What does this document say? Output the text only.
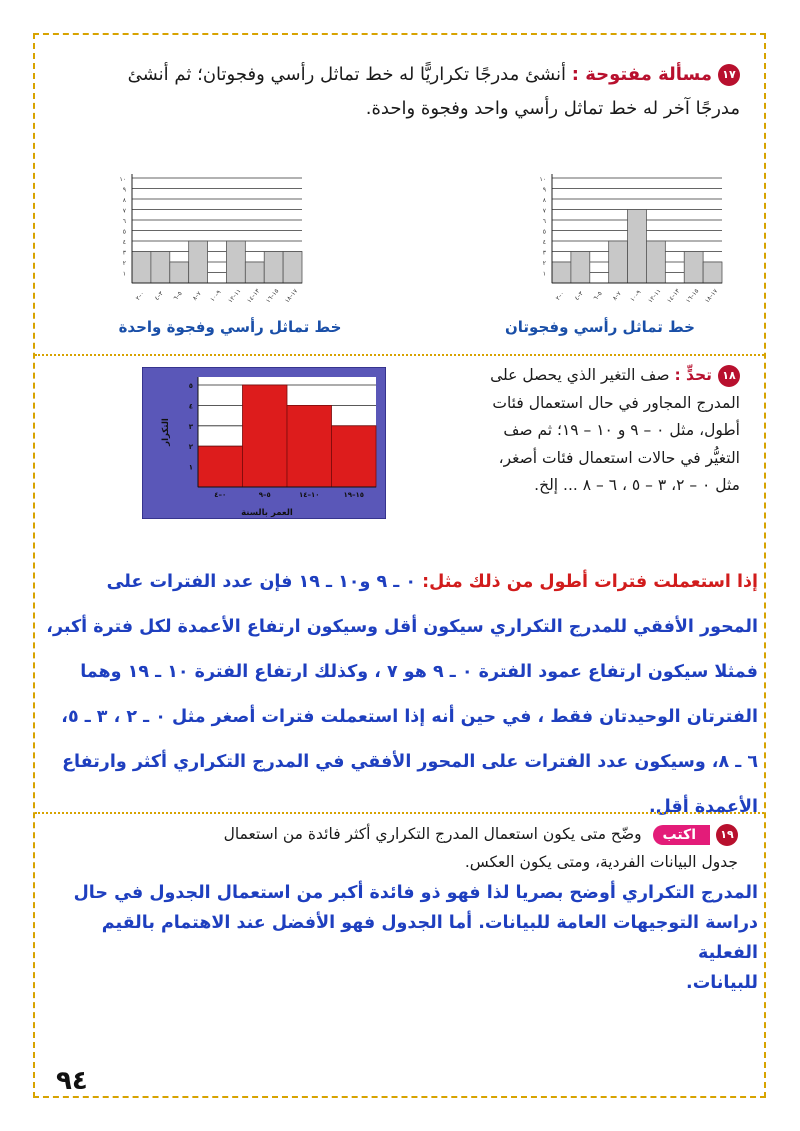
١٧مسألة مفتوحة : أنشئ مدرجًا تكراريًّا له خط تماثل رأسي وفجوتان؛ ثم أنشئ
مدرجًا آخر له خط تماثل رأسي واحد وفجوة واحدة.
١
٢
٣
٤
٥
٦
٧
٨
٩
١٠
٠–٢
٣–٤
٥–٦
٧–٨
٩–١٠
١١–١٢
١٣–١٤
١٥–١٦
١٧–١٨
١
٢
٣
٤
٥
٦
٧
٨
٩
١٠
٠–٢
٣–٤
٥–٦
٧–٨
٩–١٠
١١–١٢
١٣–١٤
١٥–١٦
١٧–١٨
خط تماثل رأسي وفجوة واحدة	خط تماثل رأسي وفجوتان
١٨تحدٍّ : صف التغير الذي يحصل على
المدرج المجاور في حال استعمال فئات
أطول، مثل ٠ – ٩ و ١٠ – ١٩؛ ثم صف
التغيُّر في حالات استعمال فئات أصغر،
مثل ٠ – ٢، ٣ – ٥ ، ٦ – ٨ ... إلخ.
١
٢
٣
٤
٥
٠–٤	٥–٩	١٠–١٤	١٥–١٩
العمر بالسنة
التكرار
إذا استعملت فترات أطول من ذلك مثل: ٠ ـ ٩ و١٠ ـ ١٩ فإن عدد الفترات على
المحور الأفقي للمدرج التكراري سيكون أقل وسيكون ارتفاع الأعمدة لكل فترة أكبر،
فمثلا سيكون ارتفاع عمود الفترة ٠ ـ ٩ هو ٧ ، وكذلك ارتفاع الفترة ١٠ ـ ١٩ وهما
الفترتان الوحيدتان فقط ، في حين أنه إذا استعملت فترات أصغر مثل ٠ ـ ٢ ، ٣ ـ ٥،
٦ ـ ٨، وسيكون عدد الفترات على المحور الأفقي في المدرج التكراري أكثر وارتفاع
الأعمدة أقل.
١٩اكتب وضّح متى يكون استعمال المدرج التكراري أكثر فائدة من استعمال
جدول البيانات الفردية، ومتى يكون العكس.
المدرج التكراري أوضح بصريا لذا فهو ذو فائدة أكبر من استعمال الجدول في حال
دراسة التوجيهات العامة للبيانات. أما الجدول فهو الأفضل عند الاهتمام بالقيم الفعلية
للبيانات.
٩٤
